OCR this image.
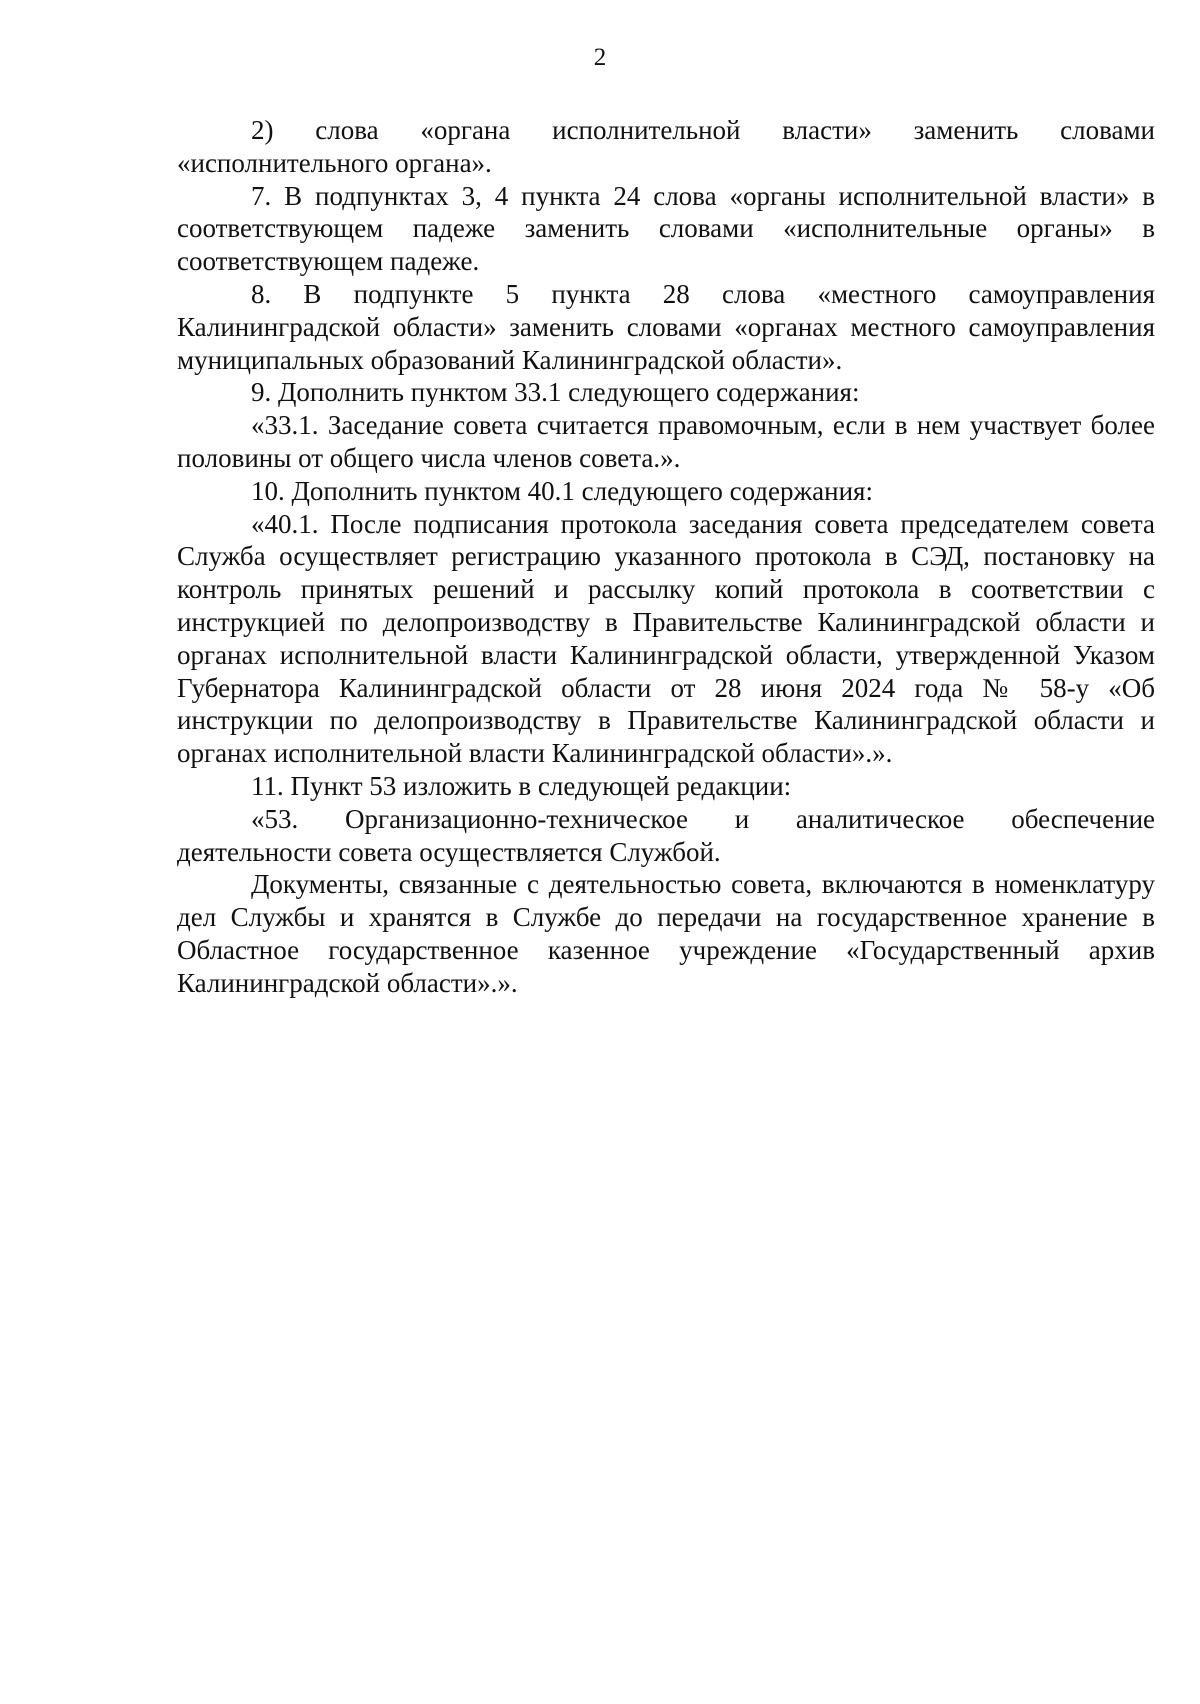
2

2) слова «органа исполнительной власти» заменить словами «исполнительного органа».

7. В подпунктах 3, 4 пункта 24 слова «органы исполнительной власти» в соответствующем падеже заменить словами «исполнительные органы» в соответствующем падеже.

8. В подпункте 5 пункта 28 слова «местного самоуправления Калининградской области» заменить словами «органах местного самоуправления муниципальных образований Калининградской области».

9. Дополнить пунктом 33.1 следующего содержания:

«33.1. Заседание совета считается правомочным, если в нем участвует более половины от общего числа членов совета.».

10. Дополнить пунктом 40.1 следующего содержания:

«40.1. После подписания протокола заседания совета председателем совета Служба осуществляет регистрацию указанного протокола в СЭД, постановку на контроль принятых решений и рассылку копий протокола в соответствии с инструкцией по делопроизводству в Правительстве Калининградской области и органах исполнительной власти Калининградской области, утвержденной Указом Губернатора Калининградской области от 28 июня 2024 года № 58-у «Об инструкции по делопроизводству в Правительстве Калининградской области и органах исполнительной власти Калининградской области».».

11. Пункт 53 изложить в следующей редакции:

«53. Организационно-техническое и аналитическое обеспечение деятельности совета осуществляется Службой.

Документы, связанные с деятельностью совета, включаются в номенклатуру дел Службы и хранятся в Службе до передачи на государственное хранение в Областное государственное казенное учреждение «Государственный архив Калининградской области».».
